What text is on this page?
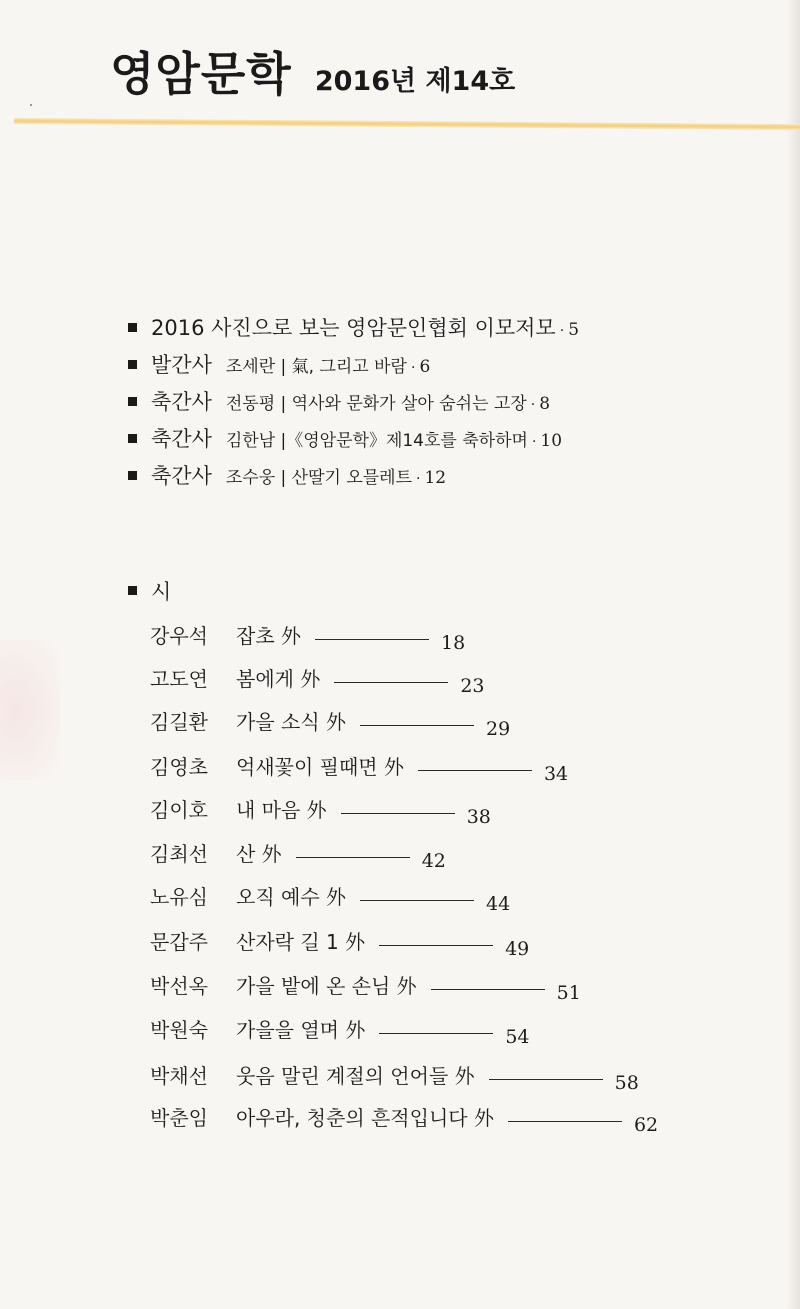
영암문학 2016년 제14호
2016 사진으로 보는 영암문인협회 이모저모 · 5
발간사 조세란 | 氣, 그리고 바람 · 6
축간사 전동평 | 역사와 문화가 살아 숨쉬는 고장 · 8
축간사 김한남 |《영암문학》제14호를 축하하며 · 10
축간사 조수웅 | 산딸기 오믈레트 · 12
시
강우석 잡초 外	18
고도연 봄에게 外	23
김길환 가을 소식 外	29
김영초 억새꽃이 필때면 外	34
김이호 내 마음 外	38
김최선 산 外	42
노유심 오직 예수 外	44
문갑주 산자락 길 1 外	49
박선옥 가을 밭에 온 손님 外	51
박원숙 가을을 열며 外	54
박채선 웃음 말린 계절의 언어들 外	58
박춘임 아우라, 청춘의 흔적입니다 外	62
